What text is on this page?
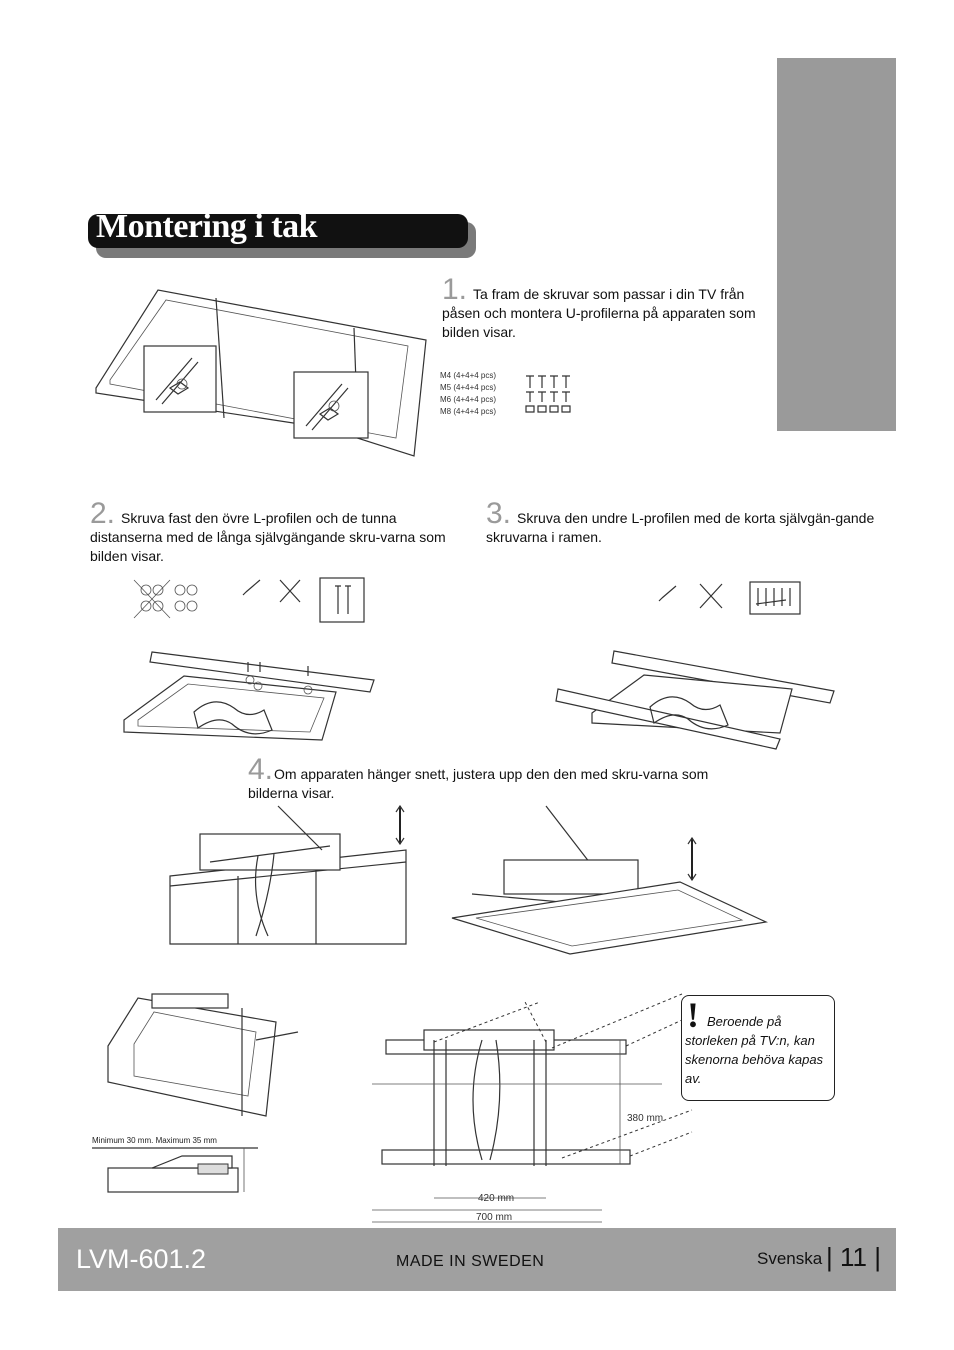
Montering i tak
1. Ta fram de skruvar som passar i din TV från påsen och montera U-profilerna på apparaten som bilden visar.
M4 (4+4+4 pcs)
M5 (4+4+4 pcs)
M6 (4+4+4 pcs)
M8 (4+4+4 pcs)
2. Skruva fast den övre L-profilen och de tunna distanserna med de långa självgängande skru-varna som bilden visar.
3. Skruva den undre L-profilen med de korta självgän-gande skruvarna i ramen.
4.Om apparaten hänger snett, justera upp den den med skru-varna som bilderna visar.
Minimum 30 mm. Maximum 35 mm
380 mm
420 mm
700 mm
! Beroende på storleken på TV:n, kan skenorna behöva kapas av.
LVM-601.2	MADE IN SWEDEN	Svenska | 11 |
